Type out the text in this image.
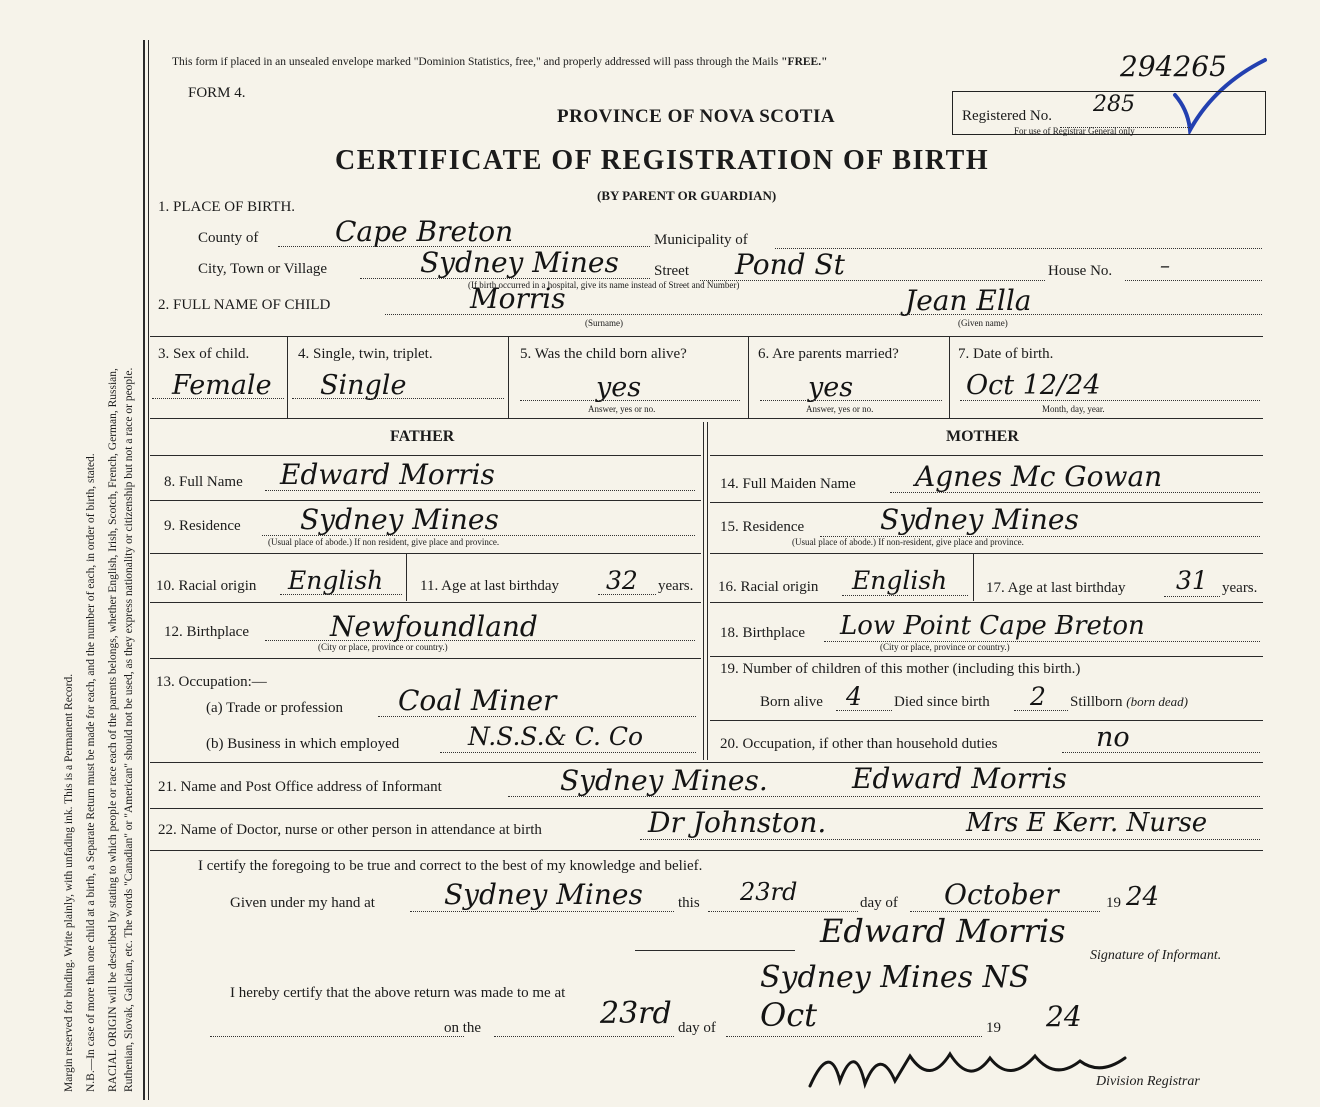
Margin reserved for binding. Write plainly, with unfading ink. This is a Permanent Record. N.B.—In case of more than one child at a birth, a Separate Return must be made for each, and the number of each, in order of birth, stated. RACIAL ORIGIN will be described by stating to which people or race each of the parents belongs, whether English, Irish, Scotch, French, German, Russian, Ruthenian, Slovak, Galician, etc. The words "Canadian" or "American" should not be used, as they express nationality or citizenship but not a race or people.
This form if placed in an unsealed envelope marked "Dominion Statistics, free," and properly addressed will pass through the Mails "FREE."
FORM 4.
294265
Registered No. 285
For use of Registrar General only
PROVINCE OF NOVA SCOTIA
CERTIFICATE OF REGISTRATION OF BIRTH
(BY PARENT OR GUARDIAN)
1. PLACE OF BIRTH.
County of	Cape Breton	Municipality of
City, Town or Village	Sydney Mines Street Pond St	House No. –
(If birth occurred in a hospital, give its name instead of Street and Number)
2. FULL NAME OF CHILD	Morris
(Surname)
Jean Ella
(Given name)
3. Sex of child.
Female
4. Single, twin, triplet.
Single
5. Was the child born alive?
yes
Answer, yes or no.
6. Are parents married?
yes
Answer, yes or no.
7. Date of birth.
Oct 12/24
Month, day, year.
FATHER	MOTHER
8. Full Name Edward Morris
9. Residence Sydney Mines
(Usual place of abode.) If non resident, give place and province.
10. Racial origin English 11. Age at last birthday 32 years.
12. Birthplace	Newfoundland
(City or place, province or country.)
13. Occupation:—
(a) Trade or profession Coal Miner
(b) Business in which employed	N.S.S.& C. Co
14. Full Maiden Name Agnes Mc Gowan
15. Residence	Sydney Mines
(Usual place of abode.) If non-resident, give place and province.
16. Racial origin English	17. Age at last birthday 31 years.
18. Birthplace Low Point Cape Breton
(City or place, province or country.)
19. Number of children of this mother (including this birth.)
Born alive 4 Died since birth 2 Stillborn (born dead)
20. Occupation, if other than household duties	no
21. Name and Post Office address of Informant	Sydney Mines.	Edward Morris
22. Name of Doctor, nurse or other person in attendance at birth	Dr Johnston.	Mrs E Kerr. Nurse
I certify the foregoing to be true and correct to the best of my knowledge and belief.
Given under my hand at Sydney Mines this 23rd	day of October	19 24
Edward Morris
Signature of Informant.
I hereby certify that the above return was made to me at	Sydney Mines NS
on the	23rd day of Oct	19 24
Division Registrar
